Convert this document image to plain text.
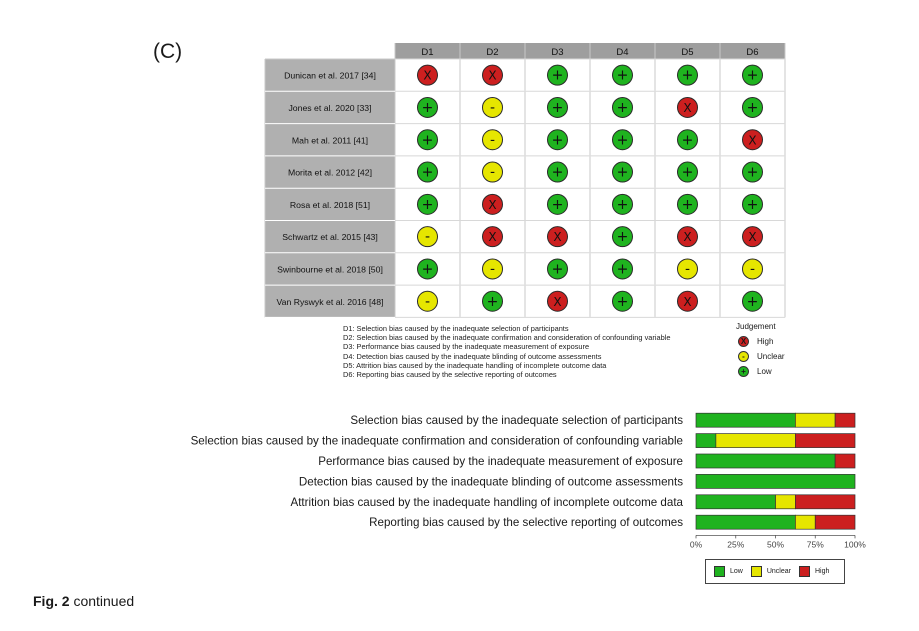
(C)	D1	D2	D3	D4	D5	D6
Dunican et al. 2017 [34]	X	X	+	+	+	+
Jones et al. 2020 [33]	+	-	+	+	X	+
Mah et al. 2011 [41]	+	-	+	+	+	X
Morita et al. 2012 [42]	+	-	+	+	+	+
Rosa et al. 2018 [51]	+	X	+	+	+	+
Schwartz et al. 2015 [43]	-	X	X	+	X	X
Swinbourne et al. 2018 [50]	+	-	+	+	-	-
Van Ryswyk et al. 2016 [48]	-	+	X	+	X	+
D1: Selection bias caused by the inadequate selection of participants
D2: Selection bias caused by the inadequate confirmation and consideration of confounding variable
D3: Performance bias caused by the inadequate measurement of exposure
D4: Detection bias caused by the inadequate blinding of outcome assessments
D5: Attrition bias caused by the inadequate handling of incomplete outcome data
D6: Reporting bias caused by the selective reporting of outcomes
Judgement
X	High
-	Unclear
+	Low
Selection bias caused by the inadequate selection of participants
Selection bias caused by the inadequate confirmation and consideration of confounding variable
Performance bias caused by the inadequate measurement of exposure
Detection bias caused by the inadequate blinding of outcome assessments
Attrition bias caused by the inadequate handling of incomplete outcome data
Reporting bias caused by the selective reporting of outcomes
0%	25%	50%	75% 100%
Low	Unclear	High
Fig. 2 continued
